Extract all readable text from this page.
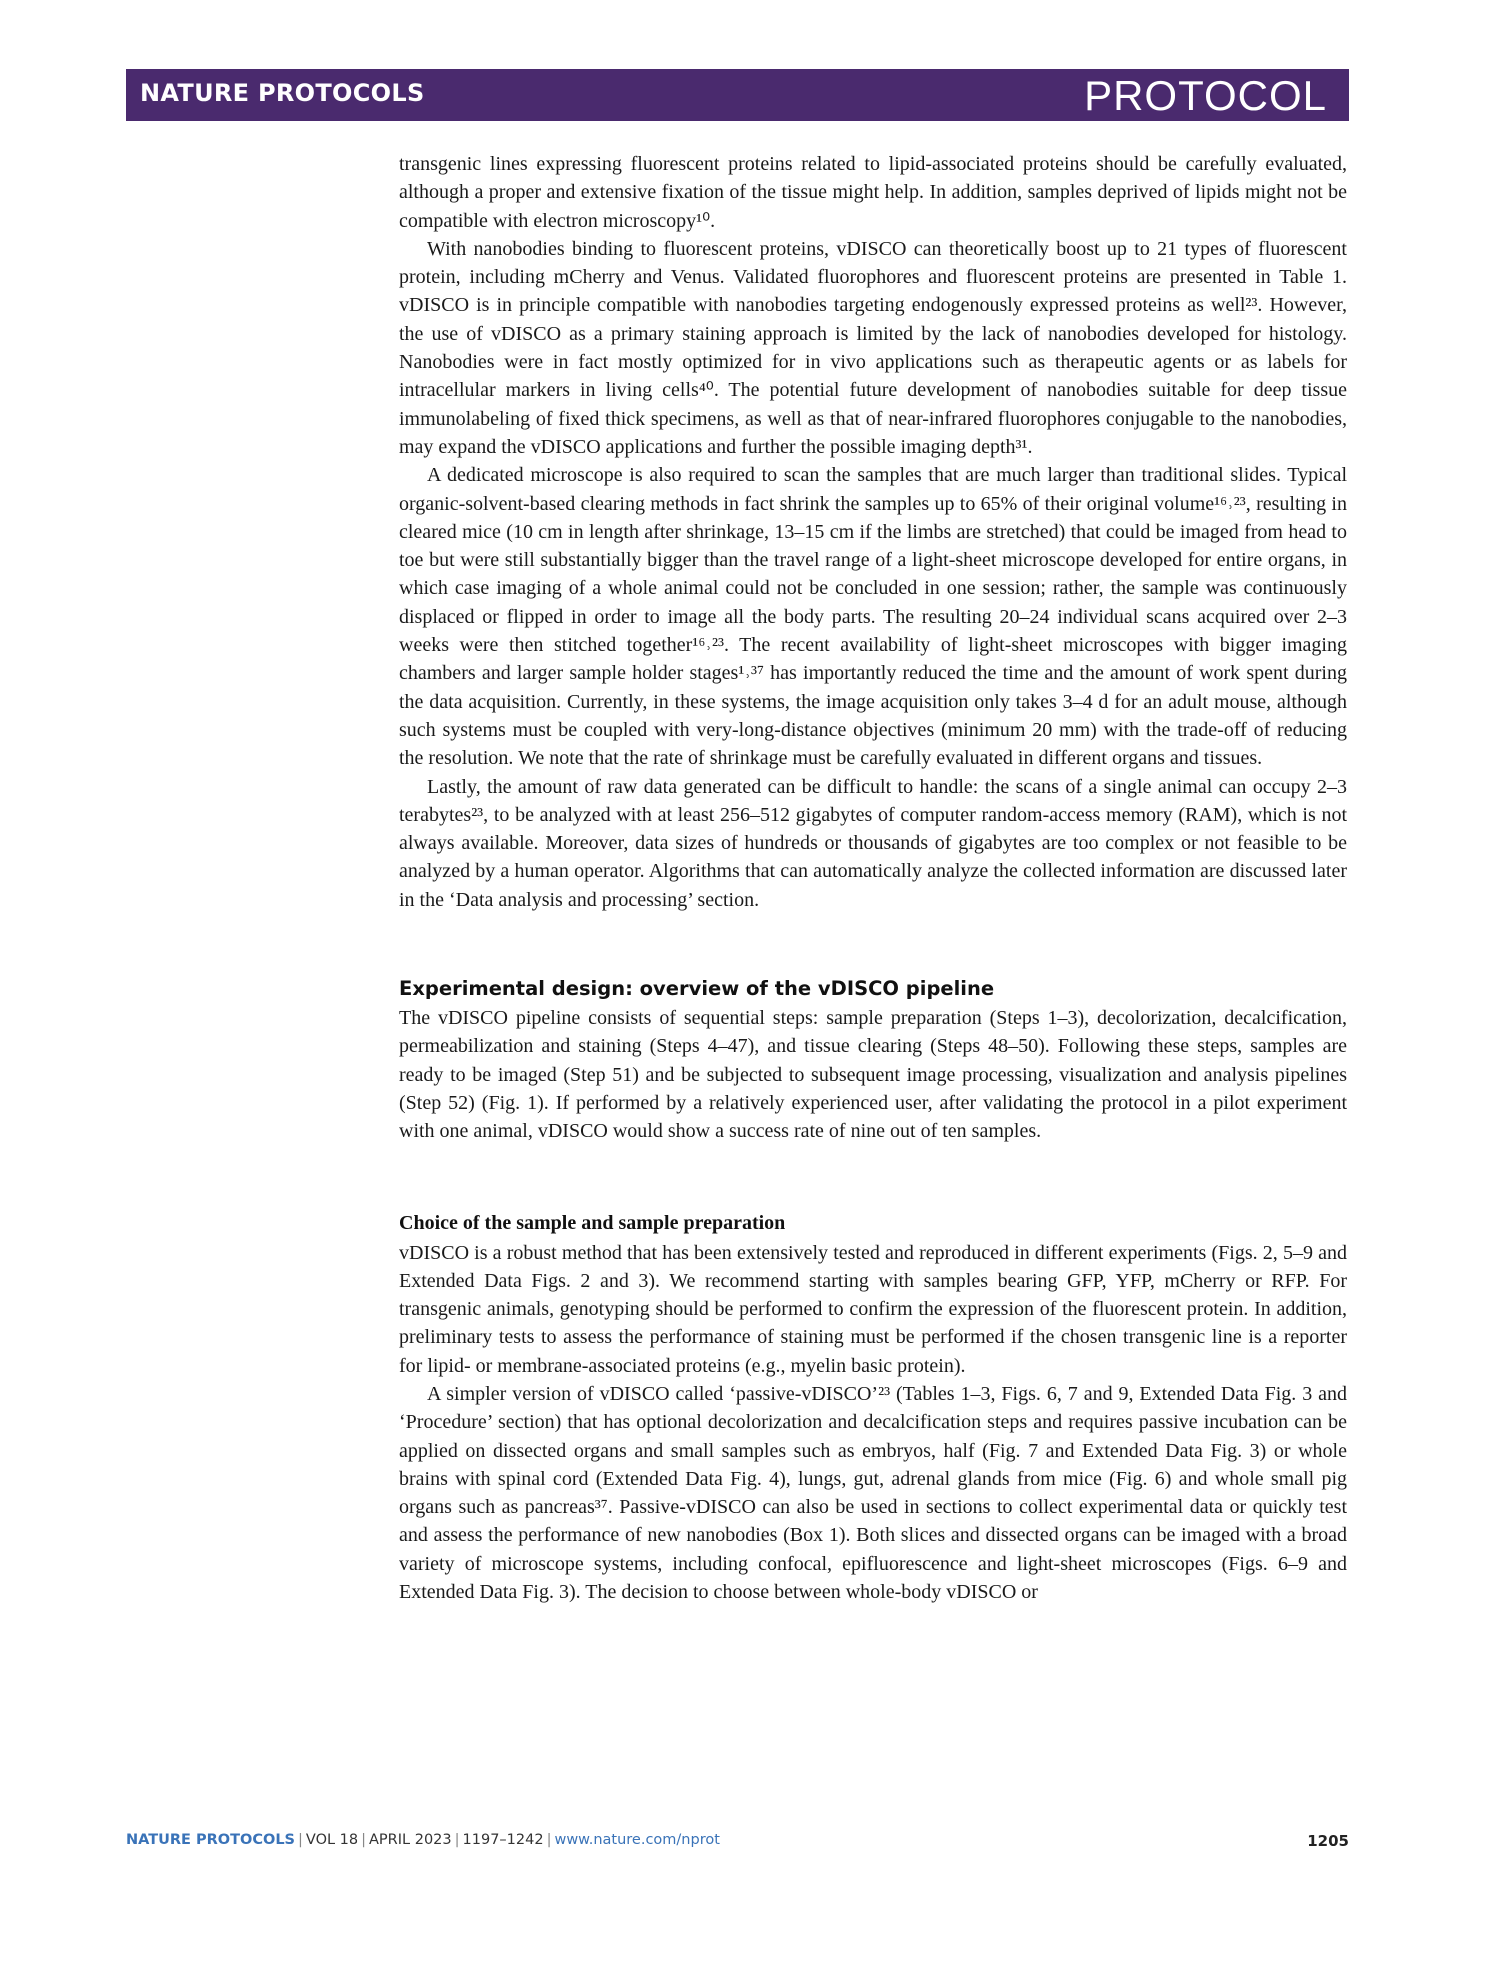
NATURE PROTOCOLS	PROTOCOL

transgenic lines expressing fluorescent proteins related to lipid-associated proteins should be carefully evaluated, although a proper and extensive fixation of the tissue might help. In addition, samples deprived of lipids might not be compatible with electron microscopy¹⁰.

With nanobodies binding to fluorescent proteins, vDISCO can theoretically boost up to 21 types of fluorescent protein, including mCherry and Venus. Validated fluorophores and fluorescent proteins are presented in Table 1. vDISCO is in principle compatible with nanobodies targeting endogenously expressed proteins as well²³. However, the use of vDISCO as a primary staining approach is limited by the lack of nanobodies developed for histology. Nanobodies were in fact mostly optimized for in vivo applications such as therapeutic agents or as labels for intracellular markers in living cells⁴⁰. The potential future development of nanobodies suitable for deep tissue immunolabeling of fixed thick specimens, as well as that of near-infrared fluorophores conjugable to the nanobodies, may expand the vDISCO applications and further the possible imaging depth³¹.

A dedicated microscope is also required to scan the samples that are much larger than traditional slides. Typical organic-solvent-based clearing methods in fact shrink the samples up to 65% of their original volume¹⁶˒²³, resulting in cleared mice (10 cm in length after shrinkage, 13–15 cm if the limbs are stretched) that could be imaged from head to toe but were still substantially bigger than the travel range of a light-sheet microscope developed for entire organs, in which case imaging of a whole animal could not be concluded in one session; rather, the sample was continuously displaced or flipped in order to image all the body parts. The resulting 20–24 individual scans acquired over 2–3 weeks were then stitched together¹⁶˒²³. The recent availability of light-sheet microscopes with bigger imaging chambers and larger sample holder stages¹˒³⁷ has importantly reduced the time and the amount of work spent during the data acquisition. Currently, in these systems, the image acquisition only takes 3–4 d for an adult mouse, although such systems must be coupled with very-long-distance objectives (minimum 20 mm) with the trade-off of reducing the resolution. We note that the rate of shrinkage must be carefully evaluated in different organs and tissues.

Lastly, the amount of raw data generated can be difficult to handle: the scans of a single animal can occupy 2–3 terabytes²³, to be analyzed with at least 256–512 gigabytes of computer random-access memory (RAM), which is not always available. Moreover, data sizes of hundreds or thousands of gigabytes are too complex or not feasible to be analyzed by a human operator. Algorithms that can automatically analyze the collected information are discussed later in the ‘Data analysis and processing’ section.

Experimental design: overview of the vDISCO pipeline

The vDISCO pipeline consists of sequential steps: sample preparation (Steps 1–3), decolorization, decalcification, permeabilization and staining (Steps 4–47), and tissue clearing (Steps 48–50). Following these steps, samples are ready to be imaged (Step 51) and be subjected to subsequent image processing, visualization and analysis pipelines (Step 52) (Fig. 1). If performed by a relatively experienced user, after validating the protocol in a pilot experiment with one animal, vDISCO would show a success rate of nine out of ten samples.

Choice of the sample and sample preparation

vDISCO is a robust method that has been extensively tested and reproduced in different experiments (Figs. 2, 5–9 and Extended Data Figs. 2 and 3). We recommend starting with samples bearing GFP, YFP, mCherry or RFP. For transgenic animals, genotyping should be performed to confirm the expression of the fluorescent protein. In addition, preliminary tests to assess the performance of staining must be performed if the chosen transgenic line is a reporter for lipid- or membrane-associated proteins (e.g., myelin basic protein).

A simpler version of vDISCO called ‘passive-vDISCO’²³ (Tables 1–3, Figs. 6, 7 and 9, Extended Data Fig. 3 and ‘Procedure’ section) that has optional decolorization and decalcification steps and requires passive incubation can be applied on dissected organs and small samples such as embryos, half (Fig. 7 and Extended Data Fig. 3) or whole brains with spinal cord (Extended Data Fig. 4), lungs, gut, adrenal glands from mice (Fig. 6) and whole small pig organs such as pancreas³⁷. Passive-vDISCO can also be used in sections to collect experimental data or quickly test and assess the performance of new nanobodies (Box 1). Both slices and dissected organs can be imaged with a broad variety of microscope systems, including confocal, epifluorescence and light-sheet microscopes (Figs. 6–9 and Extended Data Fig. 3). The decision to choose between whole-body vDISCO or

NATURE PROTOCOLS | VOL 18 | APRIL 2023 | 1197–1242 | www.nature.com/nprot	1205
